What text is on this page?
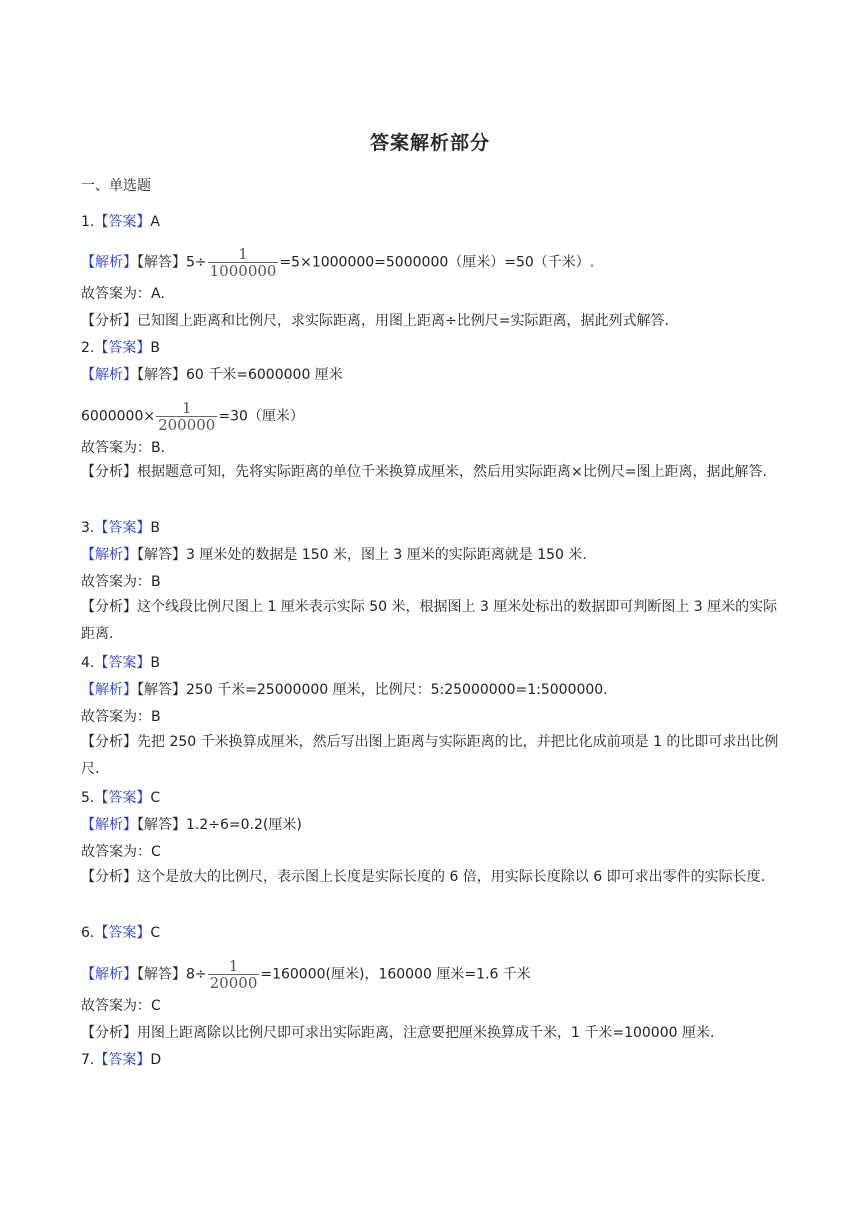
答案解析部分
一、单选题
1.【答案】A
【解析】【解答】$5\div \frac{1}{1000000} =5\times 1000000=5000000$（厘米）=50（千米）.
故答案为：A.
【分析】已知图上距离和比例尺，求实际距离，用图上距离÷比例尺=实际距离，据此列式解答.
2.【答案】B
【解析】【解答】60 千米=6000000 厘米
$6000000\times \frac{1}{200000} =30$（厘米）
故答案为：B.
【分析】根据题意可知，先将实际距离的单位千米换算成厘米，然后用实际距离×比例尺=图上距离，据此解答.
3.【答案】B
【解析】【解答】3 厘米处的数据是 150 米，图上 3 厘米的实际距离就是 150 米.
故答案为：B
【分析】这个线段比例尺图上 1 厘米表示实际 50 米，根据图上 3 厘米处标出的数据即可判断图上 3 厘米的实际距离.
4.【答案】B
【解析】【解答】250 千米=25000000 厘米，比例尺：5:25000000=1:5000000.
故答案为：B
【分析】先把 250 千米换算成厘米，然后写出图上距离与实际距离的比，并把比化成前项是 1 的比即可求出比例尺.
5.【答案】C
【解析】【解答】1.2÷6=0.2(厘米)
故答案为：C
【分析】这个是放大的比例尺，表示图上长度是实际长度的 6 倍，用实际长度除以 6 即可求出零件的实际长度.
6.【答案】C
【解析】【解答】$8\div \frac{1}{20000} =160000$(厘米)，160000 厘米=1.6 千米
故答案为：C
【分析】用图上距离除以比例尺即可求出实际距离，注意要把厘米换算成千米，1 千米=100000 厘米.
7.【答案】D
